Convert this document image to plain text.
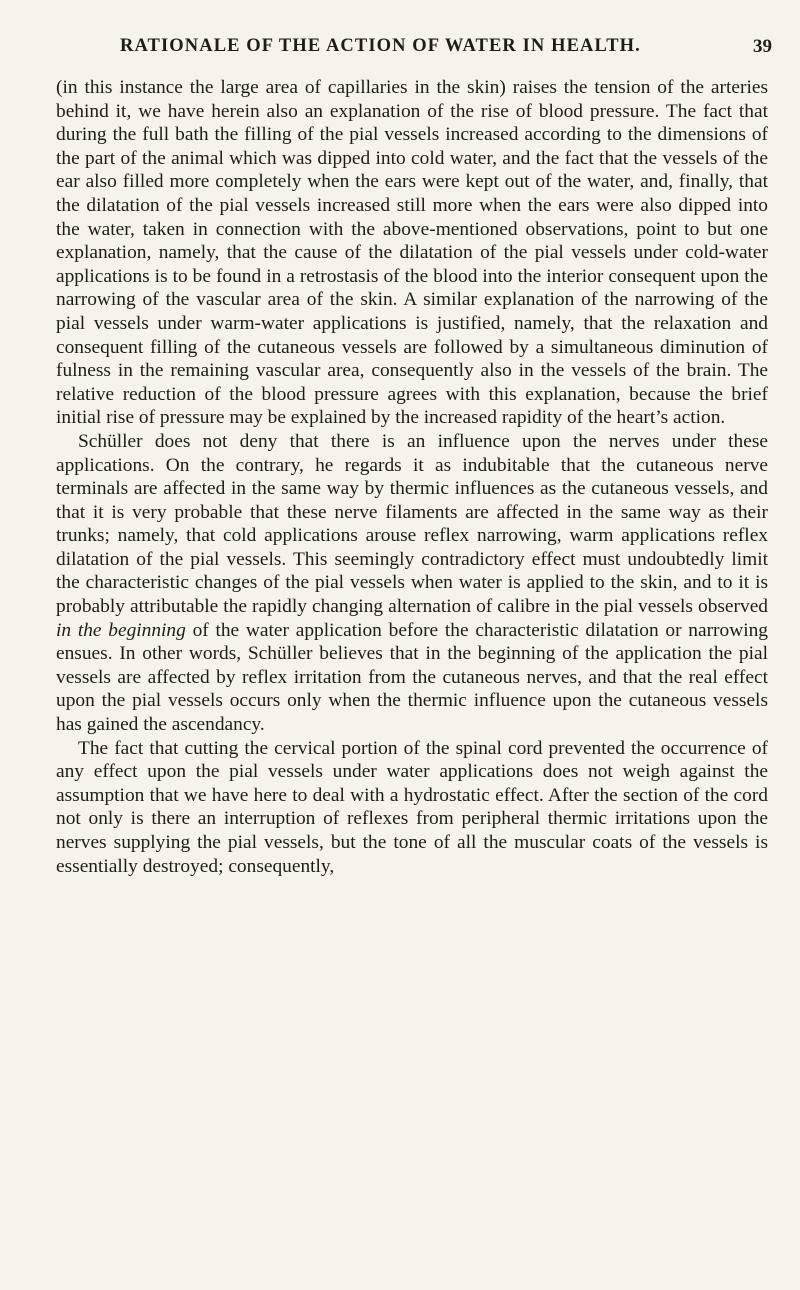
RATIONALE OF THE ACTION OF WATER IN HEALTH.	39

(in this instance the large area of capillaries in the skin) raises the tension of the arteries behind it, we have herein also an explanation of the rise of blood pressure. The fact that during the full bath the filling of the pial vessels increased according to the dimensions of the part of the animal which was dipped into cold water, and the fact that the vessels of the ear also filled more completely when the ears were kept out of the water, and, finally, that the dilatation of the pial vessels increased still more when the ears were also dipped into the water, taken in connection with the above-mentioned observations, point to but one explanation, namely, that the cause of the dilatation of the pial vessels under cold-water applications is to be found in a retrostasis of the blood into the interior consequent upon the narrowing of the vascular area of the skin. A similar explanation of the narrowing of the pial vessels under warm-water applications is justified, namely, that the relaxation and consequent filling of the cutaneous vessels are followed by a simultaneous diminution of fulness in the remaining vascular area, consequently also in the vessels of the brain. The relative reduction of the blood pressure agrees with this explanation, because the brief initial rise of pressure may be explained by the increased rapidity of the heart’s action.

Schüller does not deny that there is an influence upon the nerves under these applications. On the contrary, he regards it as indubitable that the cutaneous nerve terminals are affected in the same way by thermic influences as the cutaneous vessels, and that it is very probable that these nerve filaments are affected in the same way as their trunks; namely, that cold applications arouse reflex narrowing, warm applications reflex dilatation of the pial vessels. This seemingly contradictory effect must undoubtedly limit the characteristic changes of the pial vessels when water is applied to the skin, and to it is probably attributable the rapidly changing alternation of calibre in the pial vessels observed in the beginning of the water application before the characteristic dilatation or narrowing ensues. In other words, Schüller believes that in the beginning of the application the pial vessels are affected by reflex irritation from the cutaneous nerves, and that the real effect upon the pial vessels occurs only when the thermic influence upon the cutaneous vessels has gained the ascendancy.

The fact that cutting the cervical portion of the spinal cord prevented the occurrence of any effect upon the pial vessels under water applications does not weigh against the assumption that we have here to deal with a hydrostatic effect. After the section of the cord not only is there an interruption of reflexes from peripheral thermic irritations upon the nerves supplying the pial vessels, but the tone of all the muscular coats of the vessels is essentially destroyed; consequently,
